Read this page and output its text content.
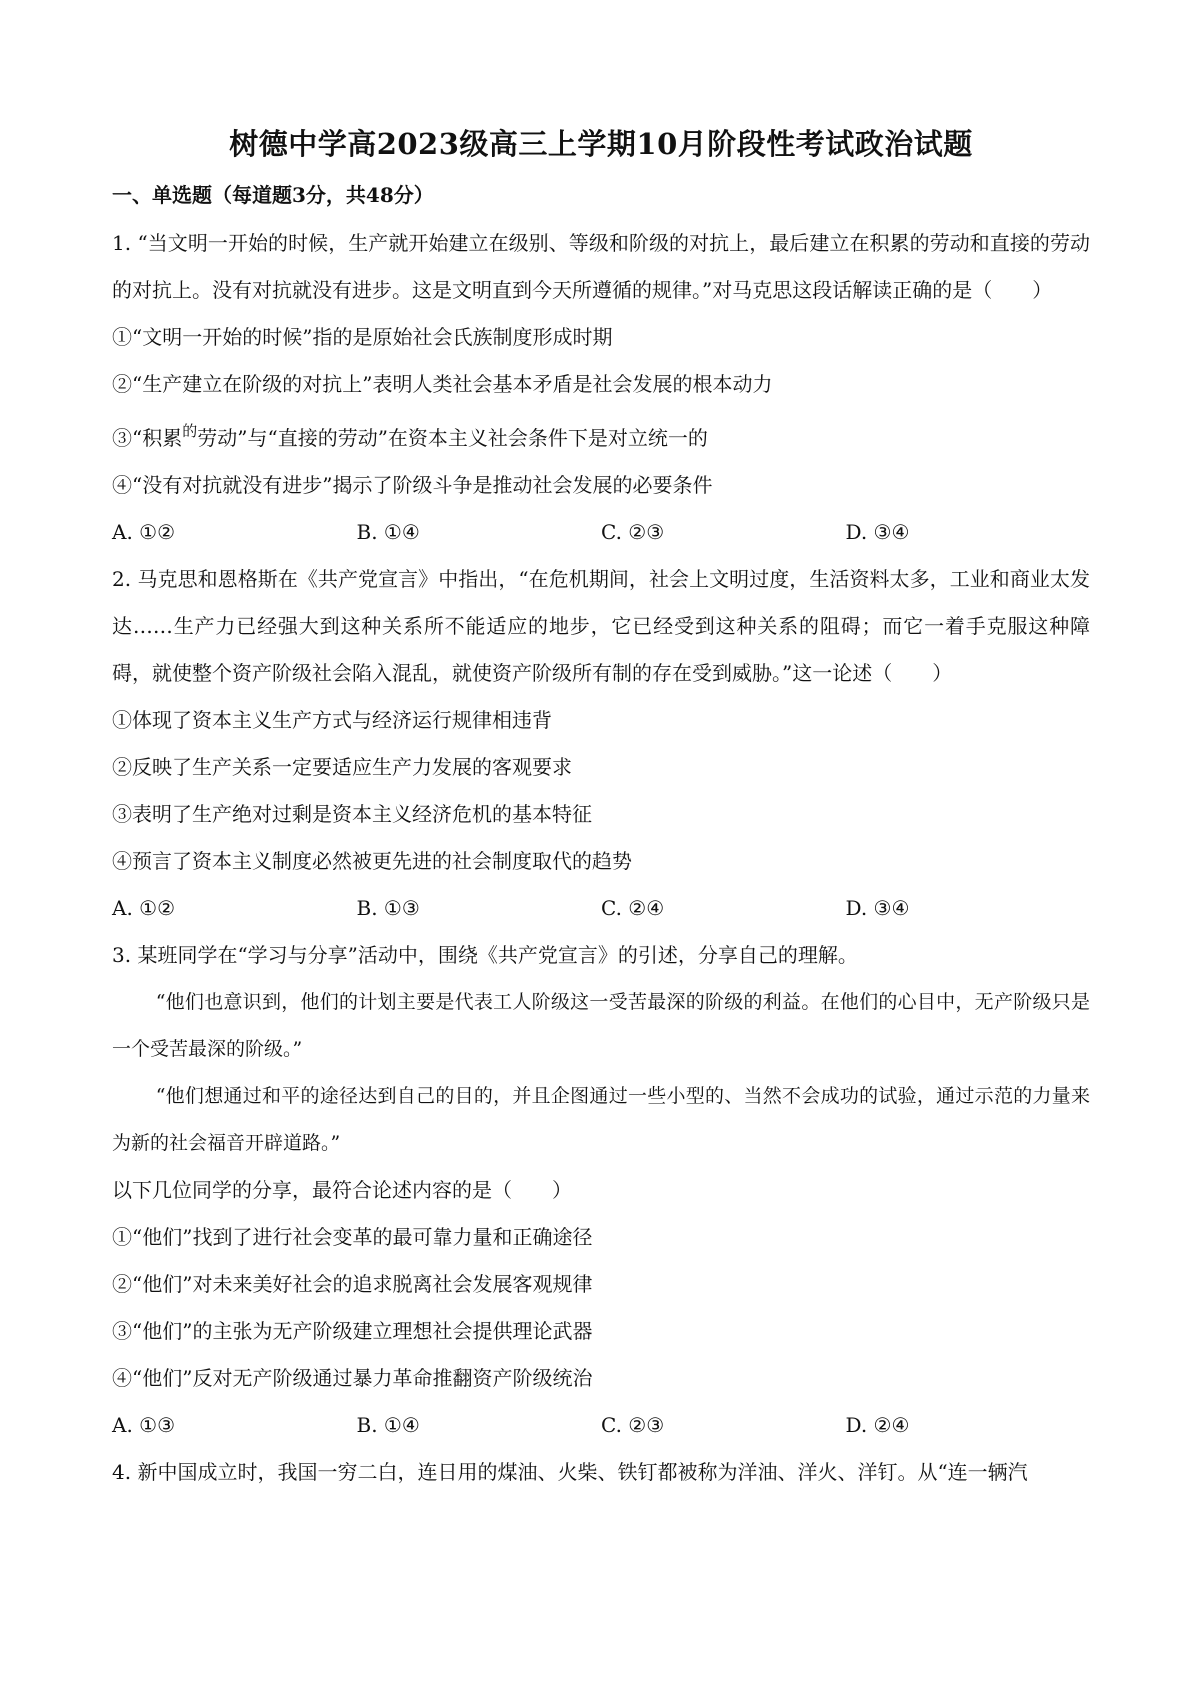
树德中学高2023级高三上学期10月阶段性考试政治试题

一、单选题（每道题3分，共48分）

1. “当文明一开始的时候，生产就开始建立在级别、等级和阶级的对抗上，最后建立在积累的劳动和直接的劳动的对抗上。没有对抗就没有进步。这是文明直到今天所遵循的规律。”对马克思这段话解读正确的是（　　）

①“文明一开始的时候”指的是原始社会氏族制度形成时期

②“生产建立在阶级的对抗上”表明人类社会基本矛盾是社会发展的根本动力

③“积累$^的$劳动”与“直接的劳动”在资本主义社会条件下是对立统一的

④“没有对抗就没有进步”揭示了阶级斗争是推动社会发展的必要条件

A. ①②	B. ①④	C. ②③	D. ③④

2. 马克思和恩格斯在《共产党宣言》中指出，“在危机期间，社会上文明过度，生活资料太多，工业和商业太发达……生产力已经强大到这种关系所不能适应的地步，它已经受到这种关系的阻碍；而它一着手克服这种障碍，就使整个资产阶级社会陷入混乱，就使资产阶级所有制的存在受到威胁。”这一论述（　　）

①体现了资本主义生产方式与经济运行规律相违背

②反映了生产关系一定要适应生产力发展的客观要求

③表明了生产绝对过剩是资本主义经济危机的基本特征

④预言了资本主义制度必然被更先进的社会制度取代的趋势

A. ①②	B. ①③	C. ②④	D. ③④

3. 某班同学在“学习与分享”活动中，围绕《共产党宣言》的引述，分享自己的理解。

“他们也意识到，他们的计划主要是代表工人阶级这一受苦最深的阶级的利益。在他们的心目中，无产阶级只是一个受苦最深的阶级。”

“他们想通过和平的途径达到自己的目的，并且企图通过一些小型的、当然不会成功的试验，通过示范的力量来为新的社会福音开辟道路。”

以下几位同学的分享，最符合论述内容的是（　　）

①“他们”找到了进行社会变革的最可靠力量和正确途径

②“他们”对未来美好社会的追求脱离社会发展客观规律

③“他们”的主张为无产阶级建立理想社会提供理论武器

④“他们”反对无产阶级通过暴力革命推翻资产阶级统治

A. ①③	B. ①④	C. ②③	D. ②④

4. 新中国成立时，我国一穷二白，连日用的煤油、火柴、铁钉都被称为洋油、洋火、洋钉。从“连一辆汽
